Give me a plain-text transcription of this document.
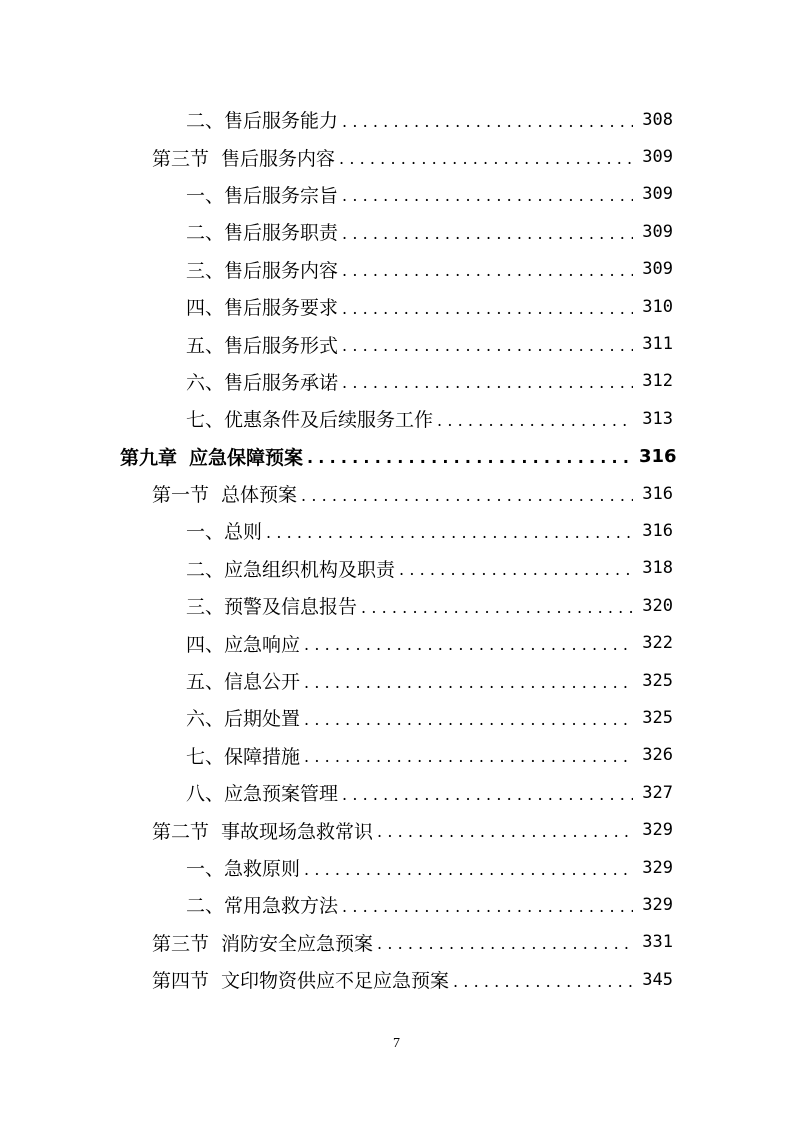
二、售后服务能力 .....	308
第三节 售后服务内容 .....	309
一、售后服务宗旨 .....	309
二、售后服务职责 .....	309
三、售后服务内容 .....	309
四、售后服务要求 .....	310
五、售后服务形式 .....	311
六、售后服务承诺 .....	312
七、优惠条件及后续服务工作 .....	313
第九章 应急保障预案 .....	316
第一节 总体预案 .....	316
一、总则 .....	316
二、应急组织机构及职责 .....	318
三、预警及信息报告 .....	320
四、应急响应 .....	322
五、信息公开 .....	325
六、后期处置 .....	325
七、保障措施 .....	326
八、应急预案管理 .....	327
第二节 事故现场急救常识 .....	329
一、急救原则 .....	329
二、常用急救方法 .....	329
第三节 消防安全应急预案 .....	331
第四节 文印物资供应不足应急预案 .....	345
7
